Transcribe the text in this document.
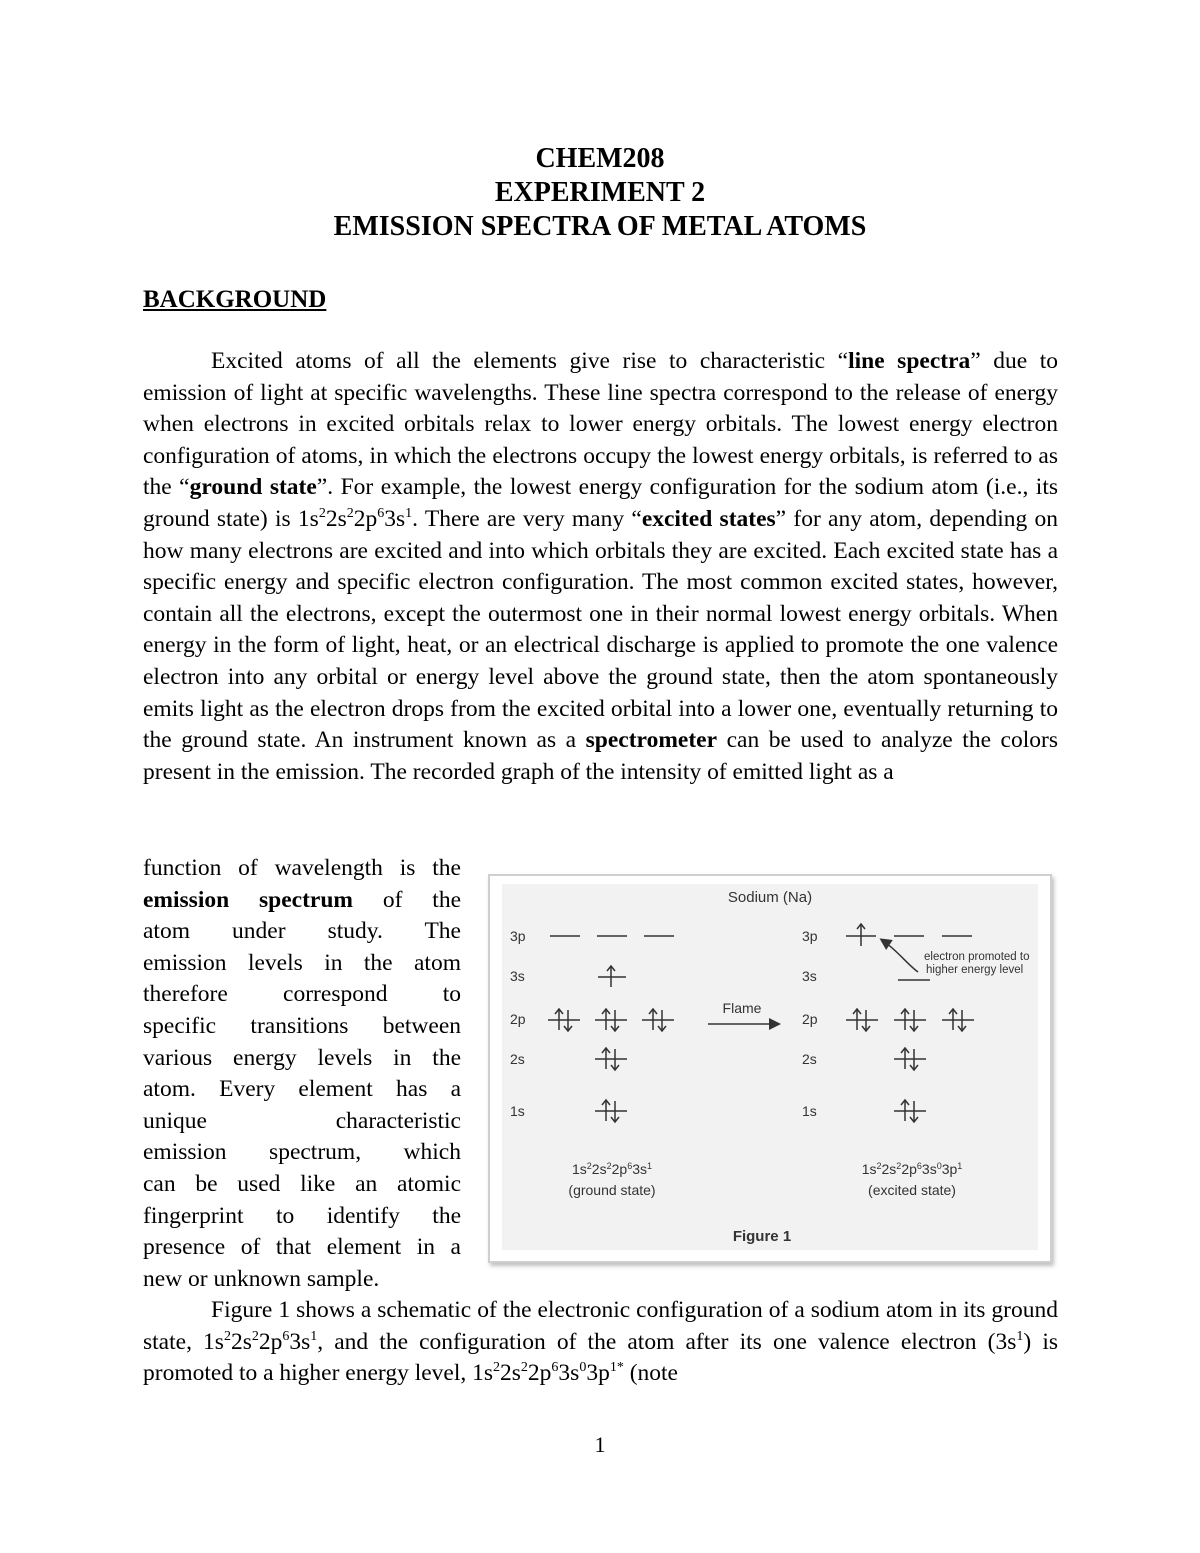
CHEM208
EXPERIMENT 2
EMISSION SPECTRA OF METAL ATOMS
BACKGROUND
Excited atoms of all the elements give rise to characteristic “line spectra” due to emission of light at specific wavelengths. These line spectra correspond to the release of energy when electrons in excited orbitals relax to lower energy orbitals. The lowest energy electron configuration of atoms, in which the electrons occupy the lowest energy orbitals, is referred to as the “ground state”. For example, the lowest energy configuration for the sodium atom (i.e., its ground state) is $1s^22s^22p^63s^1$. There are very many “excited states” for any atom, depending on how many electrons are excited and into which orbitals they are excited. Each excited state has a specific energy and specific electron configuration. The most common excited states, however, contain all the electrons, except the outermost one in their normal lowest energy orbitals. When energy in the form of light, heat, or an electrical discharge is applied to promote the one valence electron into any orbital or energy level above the ground state, then the atom spontaneously emits light as the electron drops from the excited orbital into a lower one, eventually returning to the ground state. An instrument known as a spectrometer can be used to analyze the colors present in the emission. The recorded graph of the intensity of emitted light as a
function of wavelength is the
emission spectrum of the
atom under study. The
emission levels in the atom
therefore correspond to
specific transitions between
various energy levels in the
atom. Every element has a
unique characteristic
emission spectrum, which
can be used like an atomic
fingerprint to identify the
presence of that element in a
new or unknown sample.
Sodium (Na)
3p
3s
2p
2s
1s
3p
3s
2p
2s
1s
Flame
electron promoted to
higher energy level
$1s^22s^22p^63s^1$
(ground state)
$1s^22s^22p^63s^03p^1$
(excited state)
Figure 1
Figure 1 shows a schematic of the electronic configuration of a sodium atom in its ground state, $1s^22s^22p^63s^1$, and the configuration of the atom after its one valence electron $(3s^1)$ is promoted to a higher energy level, $1s^22s^22p^63s^03p^{1*}$ (note
1
